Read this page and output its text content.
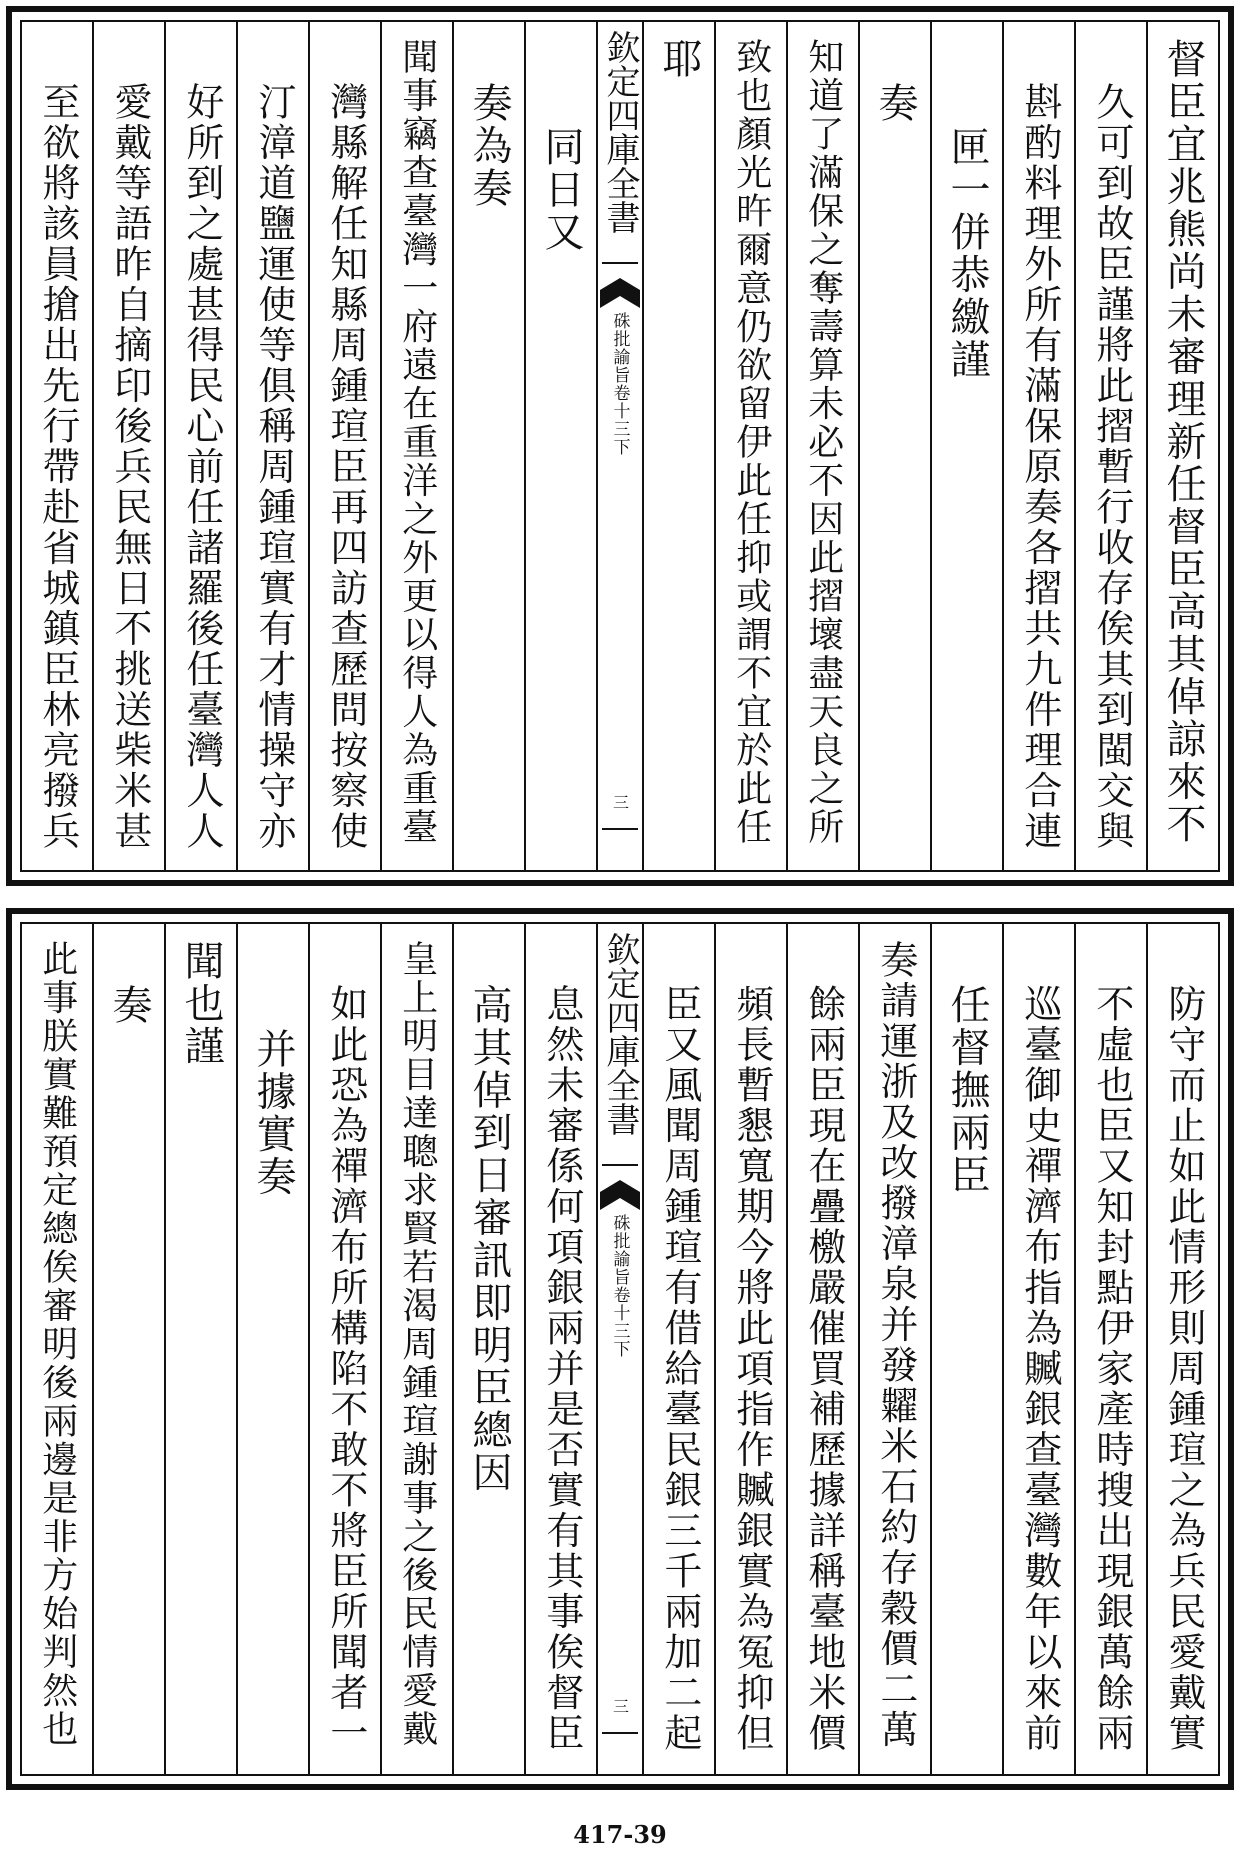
督臣宜兆熊尚未審理新任督臣高其倬諒來不
久可到故臣謹將此摺暫行收存俟其到閩交與
斟酌料理外所有滿保原奏各摺共九件理合連
匣一併恭繳謹
奏
知道了滿保之奪壽算未必不因此摺壞盡天良之所
致也顏光旿爾意仍欲留伊此任抑或謂不宜於此任
耶
欽定四庫全書
硃批諭旨卷十三下
三
同日又
奏為奏
聞事竊查臺灣一府遠在重洋之外更以得人為重臺
灣縣解任知縣周鍾瑄臣再四訪查歷問按察使
汀漳道鹽運使等俱稱周鍾瑄實有才情操守亦
好所到之處甚得民心前任諸羅後任臺灣人人
愛戴等語昨自摘印後兵民無日不挑送柴米甚
至欲將該員搶出先行帶赴省城鎮臣林亮撥兵
防守而止如此情形則周鍾瑄之為兵民愛戴實
不虛也臣又知封點伊家產時搜出現銀萬餘兩
巡臺御史禪濟布指為贓銀查臺灣數年以來前
任督撫兩臣
奏請運浙及改撥漳泉并發糶米石約存穀價二萬
餘兩臣現在疊檄嚴催買補歷據詳稱臺地米價
頻長暫懇寬期今將此項指作贓銀實為冤抑但
臣又風聞周鍾瑄有借給臺民銀三千兩加二起
欽定四庫全書
硃批諭旨卷十三下
三
息然未審係何項銀兩并是否實有其事俟督臣
高其倬到日審訊即明臣總因
皇上明目達聰求賢若渴周鍾瑄謝事之後民情愛戴
如此恐為禪濟布所構陷不敢不將臣所聞者一
并據實奏
聞也謹
奏
此事朕實難預定總俟審明後兩邊是非方始判然也
417-39
